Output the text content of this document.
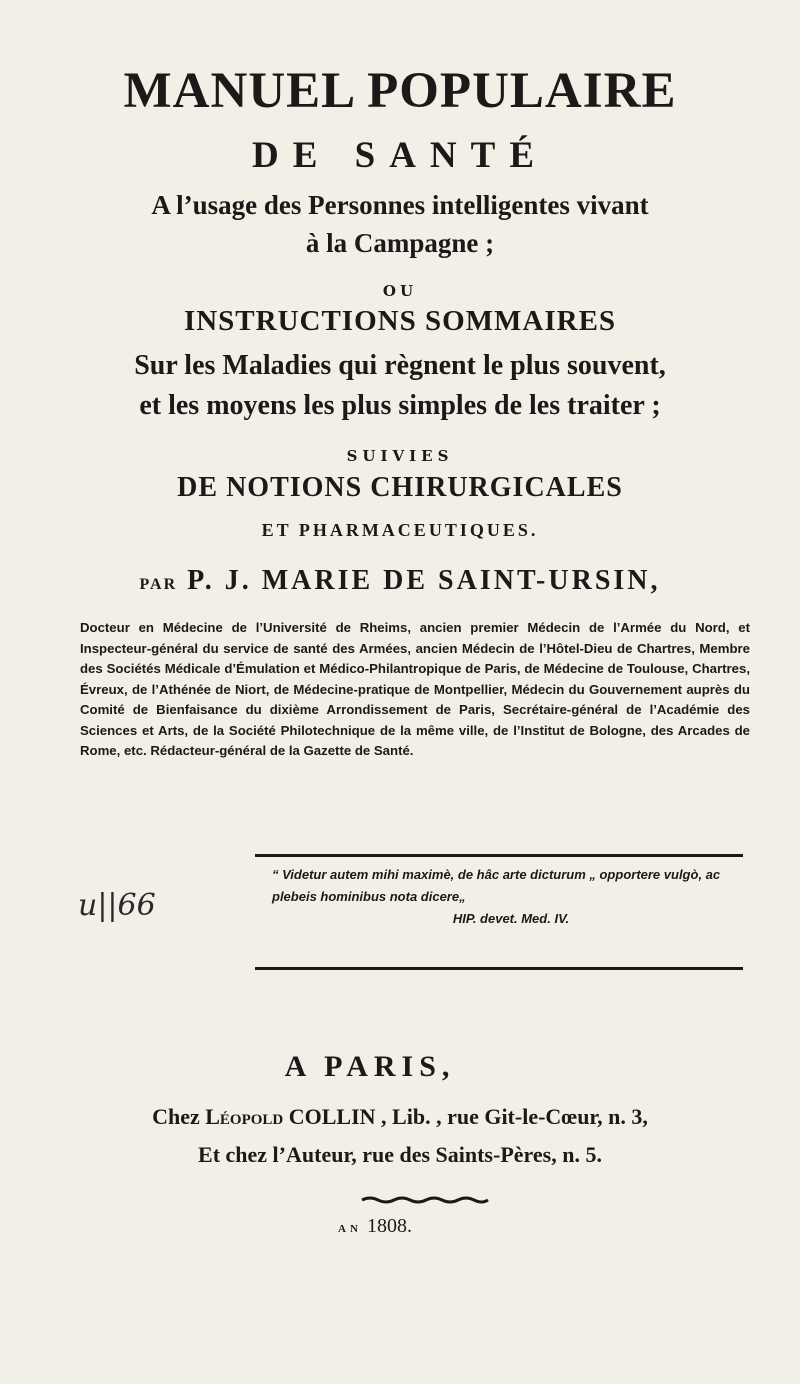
MANUEL POPULAIRE
DE SANTÉ
A l’usage des Personnes intelligentes vivant
à la Campagne ;
OU
INSTRUCTIONS SOMMAIRES
Sur les Maladies qui règnent le plus souvent,
et les moyens les plus simples de les traiter ;
SUIVIES
DE NOTIONS CHIRURGICALES
ET PHARMACEUTIQUES.
PAR P. J. MARIE DE SAINT-URSIN,
Docteur en Médecine de l’Université de Rheims, ancien premier Médecin de l’Armée du Nord, et Inspecteur-général du service de santé des Armées, ancien Médecin de l’Hôtel-Dieu de Chartres, Membre des Sociétés Médicale d’Émulation et Médico-Philantropique de Paris, de Médecine de Toulouse, Chartres, Évreux, de l’Athénée de Niort, de Médecine-pratique de Montpellier, Médecin du Gouvernement auprès du Comité de Bienfaisance du dixième Arrondissement de Paris, Secrétaire-général de l’Académie des Sciences et Arts, de la Société Philotechnique de la même ville, de l’Institut de Bologne, des Arcades de Rome, etc. Rédacteur-général de la Gazette de Santé.
“ Videtur autem mihi maximè, de hâc arte dicturum „ opportere vulgò, ac plebeis hominibus nota dicere„
HIP. devet. Med. IV.
u||66
A PARIS,
Chez Léopold COLLIN , Lib. , rue Git-le-Cœur, n. 3,
Et chez l’Auteur, rue des Saints-Pères, n. 5.
AN 1808.
